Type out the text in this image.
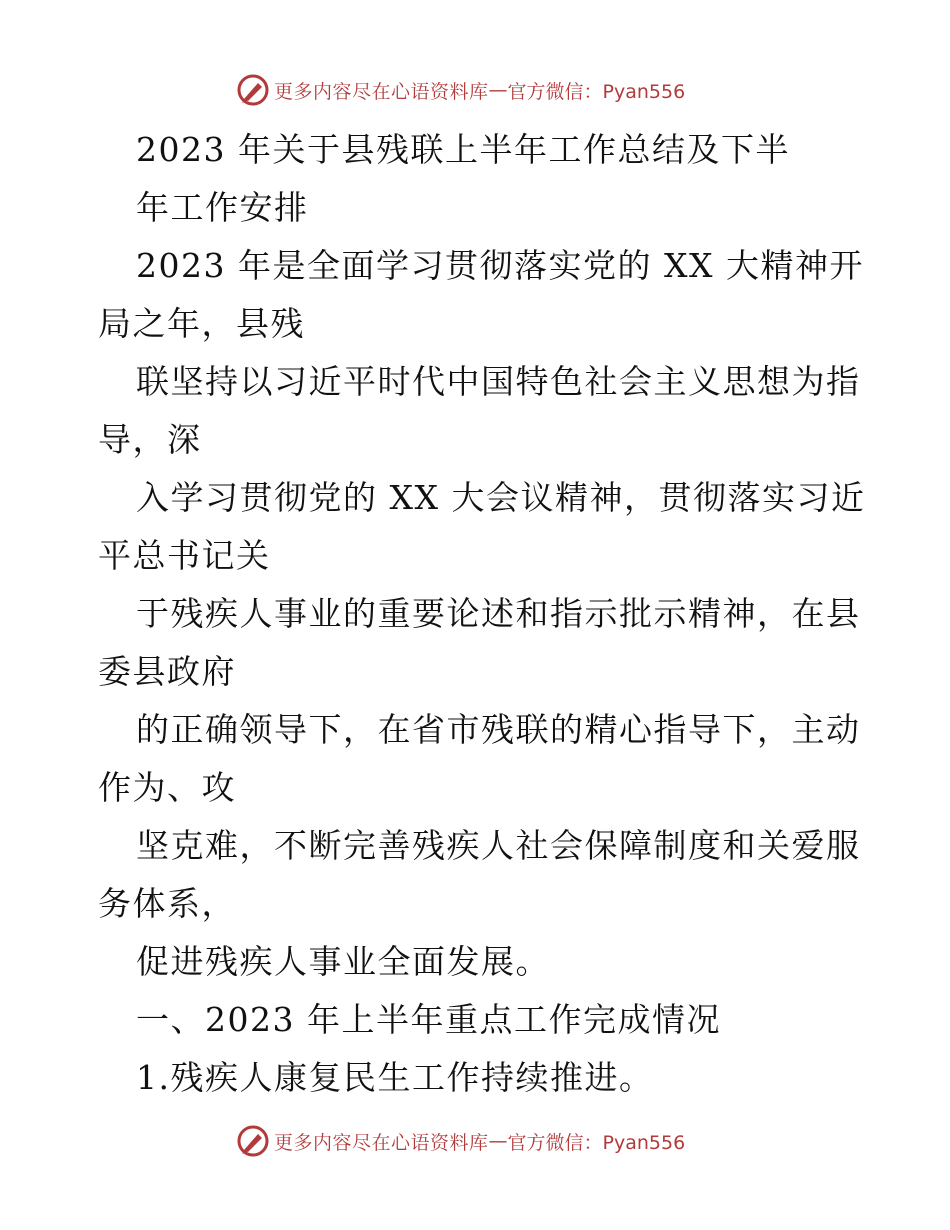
更多内容尽在心语资料库 — 官方微信：Pyan556
2023 年关于县残联上半年工作总结及下半
年工作安排
2023 年是全面学习贯彻落实党的 XX 大精神开
局之年，县残
联坚持以习近平时代中国特色社会主义思想为指
导，深
入学习贯彻党的 XX 大会议精神，贯彻落实习近
平总书记关
于残疾人事业的重要论述和指示批示精神，在县
委县政府
的正确领导下，在省市残联的精心指导下，主动
作为、攻
坚克难，不断完善残疾人社会保障制度和关爱服
务体系，
促进残疾人事业全面发展。
一、2023 年上半年重点工作完成情况
1.残疾人康复民生工作持续推进。
更多内容尽在心语资料库 — 官方微信：Pyan556
